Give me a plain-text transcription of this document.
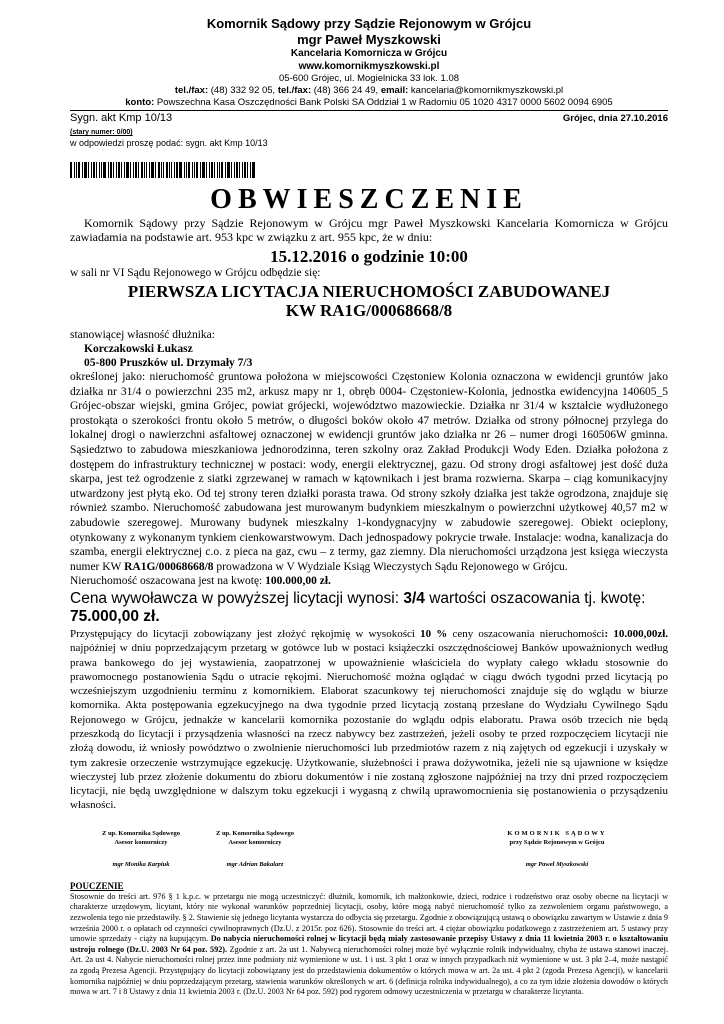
Komornik Sądowy przy Sądzie Rejonowym w Grójcu
mgr Paweł Myszkowski
Kancelaria Komornicza w Grójcu
www.komornikmyszkowski.pl
05-600 Grójec, ul. Mogielnicka 33 lok. 1.08
tel./fax: (48) 332 92 05, tel./fax: (48) 366 24 49, email: kancelaria@komornikmyszkowski.pl
konto: Powszechna Kasa Oszczędności Bank Polski SA Oddział 1 w Radomiu 05 1020 4317 0000 5602 0094 6905
Sygn. akt Kmp 10/13	Grójec, dnia 27.10.2016
(stary numer: 0/00)
w odpowiedzi proszę podać: sygn. akt Kmp 10/13
OBWIESZCZENIE
Komornik Sądowy przy Sądzie Rejonowym w Grójcu mgr Paweł Myszkowski Kancelaria Komornicza w Grójcu zawiadamia na podstawie art. 953 kpc w związku z art. 955 kpc, że w dniu:
15.12.2016 o godzinie 10:00
w sali nr VI Sądu Rejonowego w Grójcu odbędzie się:
PIERWSZA LICYTACJA NIERUCHOMOŚCI ZABUDOWANEJ
KW RA1G/00068668/8
stanowiącej własność dłużnika:
Korczakowski Łukasz
05-800 Pruszków ul. Drzymały 7/3
określonej jako: nieruchomość gruntowa położona w miejscowości Częstoniew Kolonia oznaczona w ewidencji gruntów jako działka nr 31/4 o powierzchni 235 m2, arkusz mapy nr 1, obręb 0004- Częstoniew-Kolonia, jednostka ewidencyjna 140605_5 Grójec-obszar wiejski, gmina Grójec, powiat grójecki, województwo mazowieckie. Działka nr 31/4 w kształcie wydłużonego prostokąta o szerokości frontu około 5 metrów, o długości boków około 47 metrów. Działka od strony północnej przylega do lokalnej drogi o nawierzchni asfaltowej oznaczonej w ewidencji gruntów jako działka nr 26 – numer drogi 160506W gminna. Sąsiedztwo to zabudowa mieszkaniowa jednorodzinna, teren szkolny oraz Zakład Produkcji Wody Eden. Działka położona z dostępem do infrastruktury technicznej w postaci: wody, energii elektrycznej, gazu. Od strony drogi asfaltowej jest dość duża skarpa, jest też ogrodzenie z siatki zgrzewanej w ramach w kątownikach i jest brama rozwierna. Skarpa – ciąg komunikacyjny utwardzony jest płytą eko. Od tej strony teren działki porasta trawa. Od strony szkoły działka jest także ogrodzona, znajduje się również szambo. Nieruchomość zabudowana jest murowanym budynkiem mieszkalnym o powierzchni użytkowej 40,57 m2 w zabudowie szeregowej. Murowany budynek mieszkalny 1-kondygnacyjny w zabudowie szeregowej. Obiekt ocieplony, otynkowany z wykonanym tynkiem cienkowarstwowym. Dach jednospadowy pokrycie trwałe. Instalacje: wodna, kanalizacja do szamba, energii elektrycznej c.o. z pieca na gaz, cwu – z termy, gaz ziemny. Dla nieruchomości urządzona jest księga wieczysta numer KW RA1G/00068668/8 prowadzona w V Wydziale Ksiąg Wieczystych Sądu Rejonowego w Grójcu.
Nieruchomość oszacowana jest na kwotę: 100.000,00 zł.
Cena wywoławcza w powyższej licytacji wynosi: 3/4 wartości oszacowania tj. kwotę: 75.000,00 zł.
Przystępujący do licytacji zobowiązany jest złożyć rękojmię w wysokości 10 % ceny oszacowania nieruchomości: 10.000,00zł. najpóźniej w dniu poprzedzającym przetarg w gotówce lub w postaci książeczki oszczędnościowej Banków upoważnionych według prawa bankowego do jej wystawienia, zaopatrzonej w upoważnienie właściciela do wypłaty całego wkładu stosownie do prawomocnego postanowienia Sądu o utracie rękojmi. Nieruchomość można oglądać w ciągu dwóch tygodni przed licytacją po wcześniejszym uzgodnieniu terminu z komornikiem. Elaborat szacunkowy tej nieruchomości znajduje się do wglądu w biurze komornika. Akta postępowania egzekucyjnego na dwa tygodnie przed licytacją zostaną przesłane do Wydziału Cywilnego Sądu Rejonowego w Grójcu, jednakże w kancelarii komornika pozostanie do wglądu odpis elaboratu. Prawa osób trzecich nie będą przeszkodą do licytacji i przysądzenia własności na rzecz nabywcy bez zastrzeżeń, jeżeli osoby te przed rozpoczęciem licytacji nie złożą dowodu, iż wniosły powództwo o zwolnienie nieruchomości lub przedmiotów razem z nią zajętych od egzekucji i uzyskały w tym zakresie orzeczenie wstrzymujące egzekucję. Użytkowanie, służebności i prawa dożywotnika, jeżeli nie są ujawnione w księdze wieczystej lub przez złożenie dokumentu do zbioru dokumentów i nie zostaną zgłoszone najpóźniej na trzy dni przed rozpoczęciem licytacji, nie będą uwzględnione w dalszym toku egzekucji i wygasną z chwilą uprawomocnienia się postanowienia o przysądzeniu własności.
Z up. Komornika Sądowego
Asesor komorniczy
Z up. Komornika Sądowego
Asesor komorniczy
KOMORNIK SĄDOWY
przy Sądzie Rejonowym w Grójcu
mgr Monika Karpiuk	mgr Adrian Bakalarz	mgr Paweł Myszkowski
POUCZENIE
Stosownie do treści art. 976 § 1 k.p.c. w przetargu nie mogą uczestniczyć: dłużnik, komornik, ich małżonkowie, dzieci, rodzice i rodzeństwo oraz osoby obecne na licytacji w charakterze urzędowym, licytant, który nie wykonał warunków poprzedniej licytacji, osoby, które mogą nabyć nieruchomość tylko za zezwoleniem organu państwowego, a zezwolenia tego nie przedstawiły. § 2. Stawienie się jednego licytanta wystarcza do odbycia się przetargu. Zgodnie z obowiązującą ustawą o obowiązku zawartym w Ustawie z dnia 9 września 2000 r. o opłatach od czynności cywilnoprawnych (Dz.U. z 2015r. poz 626). Stosownie do treści art. 4 ciężar obowiązku podatkowego z zastrzeżeniem art. 5 ustawy przy umowie sprzedaży - ciąży na kupującym. Do nabycia nieruchomości rolnej w licytacji będą miały zastosowanie przepisy Ustawy z dnia 11 kwietnia 2003 r. o kształtowaniu ustroju rolnego (Dz.U. 2003 Nr 64 poz. 592). Zgodnie z art. 2a ust 1. Nabywcą nieruchomości rolnej może być wyłącznie rolnik indywidualny, chyba że ustawa stanowi inaczej. Art. 2a ust 4. Nabycie nieruchomości rolnej przez inne podmioty niż wymienione w ust. 1 i ust. 3 pkt 1 oraz w innych przypadkach niż wymienione w ust. 3 pkt 2–4, może nastąpić za zgodą Prezesa Agencji. Przystępujący do licytacji zobowiązany jest do przedstawienia dokumentów o których mowa w art. 2a ust. 4 pkt 2 (zgoda Prezesa Agencji), w kancelarii komornika najpóźniej w dniu poprzedzającym przetarg, stawienia warunków określonych w art. 6 (definicja rolnika indywidualnego), a co za tym idzie złożenia dowodów o których mowa w art. 7 i 8 Ustawy z dnia 11 kwietnia 2003 r. (Dz.U. 2003 Nr 64 poz. 592) pod rygorem odmowy uczestniczenia w przetargu w charakterze licytanta.
